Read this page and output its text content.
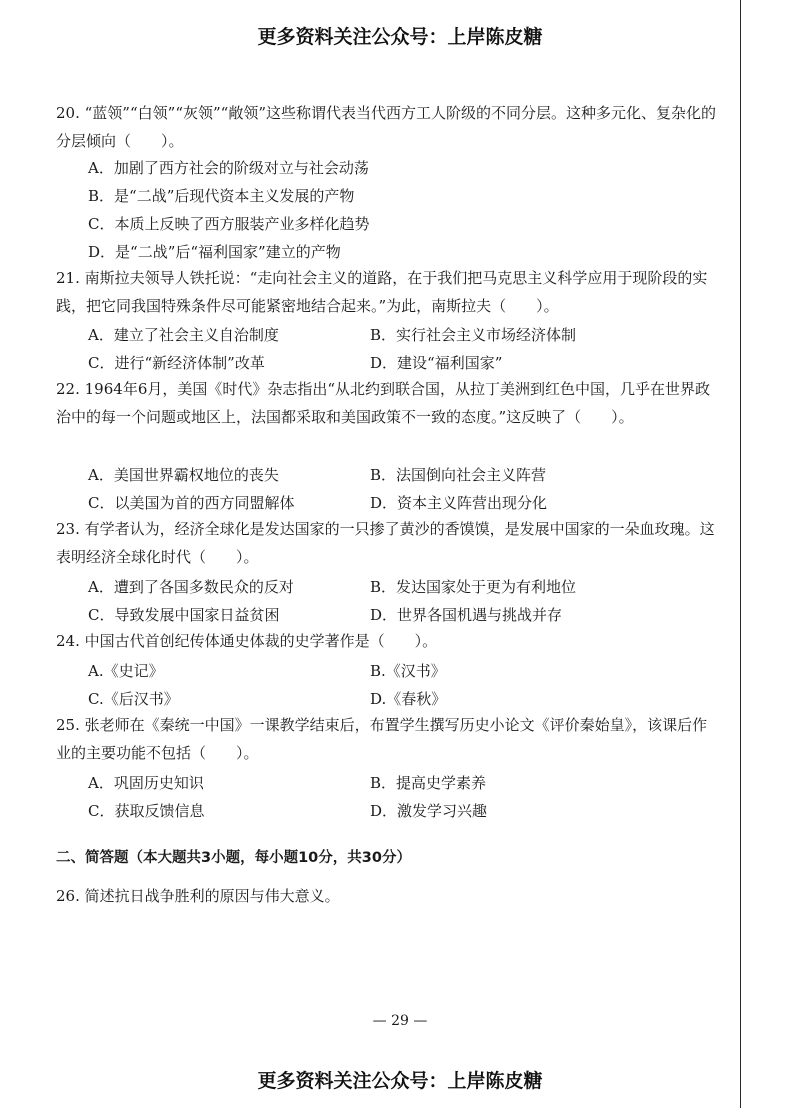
更多资料关注公众号：上岸陈皮糖
20. “蓝领”“白领”“灰领”“敞领”这些称谓代表当代西方工人阶级的不同分层。这种多元化、复杂化的分层倾向（　　）。
A．加剧了西方社会的阶级对立与社会动荡
B．是“二战”后现代资本主义发展的产物
C．本质上反映了西方服装产业多样化趋势
D．是“二战”后“福利国家”建立的产物
21. 南斯拉夫领导人铁托说：“走向社会主义的道路，在于我们把马克思主义科学应用于现阶段的实践，把它同我国特殊条件尽可能紧密地结合起来。”为此，南斯拉夫（　　）。
A．建立了社会主义自治制度	B．实行社会主义市场经济体制
C．进行“新经济体制”改革	D．建设“福利国家”
22. 1964年6月，美国《时代》杂志指出“从北约到联合国，从拉丁美洲到红色中国，几乎在世界政治中的每一个问题或地区上，法国都采取和美国政策不一致的态度。”这反映了（　　）。
A．美国世界霸权地位的丧失	B．法国倒向社会主义阵营
C．以美国为首的西方同盟解体	D．资本主义阵营出现分化
23. 有学者认为，经济全球化是发达国家的一只掺了黄沙的香馍馍，是发展中国家的一朵血玫瑰。这表明经济全球化时代（　　）。
A．遭到了各国多数民众的反对	B．发达国家处于更为有利地位
C．导致发展中国家日益贫困	D．世界各国机遇与挑战并存
24. 中国古代首创纪传体通史体裁的史学著作是（　　）。
A.《史记》	B.《汉书》
C.《后汉书》	D.《春秋》
25. 张老师在《秦统一中国》一课教学结束后，布置学生撰写历史小论文《评价秦始皇》，该课后作业的主要功能不包括（　　）。
A．巩固历史知识	B．提高史学素养
C．获取反馈信息	D．激发学习兴趣
二、简答题（本大题共3小题，每小题10分，共30分）
26. 简述抗日战争胜利的原因与伟大意义。
— 29 —
更多资料关注公众号：上岸陈皮糖
